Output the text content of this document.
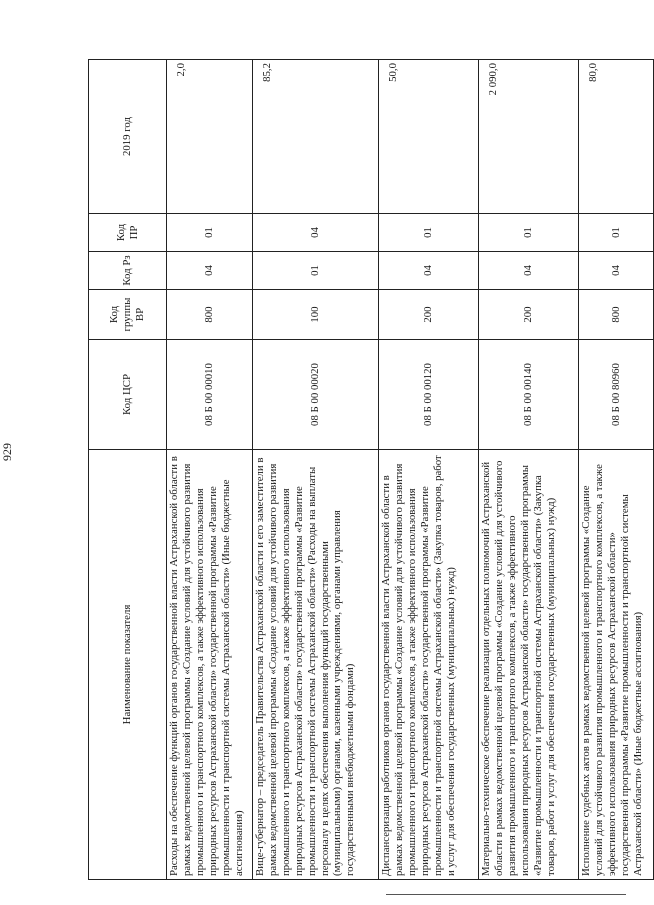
929
Наименование показателя	Код ЦСР	Код группы ВР	Код Рз	Код ПР	2019 год
Расходы на обеспечение функций органов государственной власти Астраханской области в рамках ведомственной целевой программы «Создание условий для устойчивого развития промышленного и транспортного комплексов, а также эффективного использования природных ресурсов Астраханской области» государственной программы «Развитие промышленности и транспортной системы Астраханской области» (Иные бюджетные ассигнования)	08 Б 00 00010	800	04	01	2,0
Вице-губернатор – председатель Правительства Астраханской области и его заместители в рамках ведомственной целевой программы «Создание условий для устойчивого развития промышленного и транспортного комплексов, а также эффективного использования природных ресурсов Астраханской области» государственной программы «Развитие промышленности и транспортной системы Астраханской области» (Расходы на выплаты персоналу в целях обеспечения выполнения функций государственными (муниципальными) органами, казенными учреждениями, органами управления государственными внебюджетными фондами)	08 Б 00 00020	100	01	04	85,2
Диспансеризация работников органов государственной власти Астраханской области в рамках ведомственной целевой программы «Создание условий для устойчивого развития промышленного и транспортного комплексов, а также эффективного использования природных ресурсов Астраханской области» государственной программы «Развитие промышленности и транспортной системы Астраханской области» (Закупка товаров, работ и услуг для обеспечения государственных (муниципальных) нужд)	08 Б 00 00120	200	04	01	50,0
Материально-техническое обеспечение реализации отдельных полномочий Астраханской области в рамках ведомственной целевой программы «Создание условий для устойчивого развития промышленного и транспортного комплексов, а также эффективного использования природных ресурсов Астраханской области» государственной программы «Развитие промышленности и транспортной системы Астраханской области» (Закупка товаров, работ и услуг для обеспечения государственных (муниципальных) нужд)	08 Б 00 00140	200	04	01	2 090,0
Исполнение судебных актов в рамках ведомственной целевой программы «Создание условий для устойчивого развития промышленного и транспортного комплексов, а также эффективного использования природных ресурсов Астраханской области» государственной программы «Развитие промышленности и транспортной системы Астраханской области» (Иные бюджетные ассигнования)	08 Б 00 80960	800	04	01	80,0
